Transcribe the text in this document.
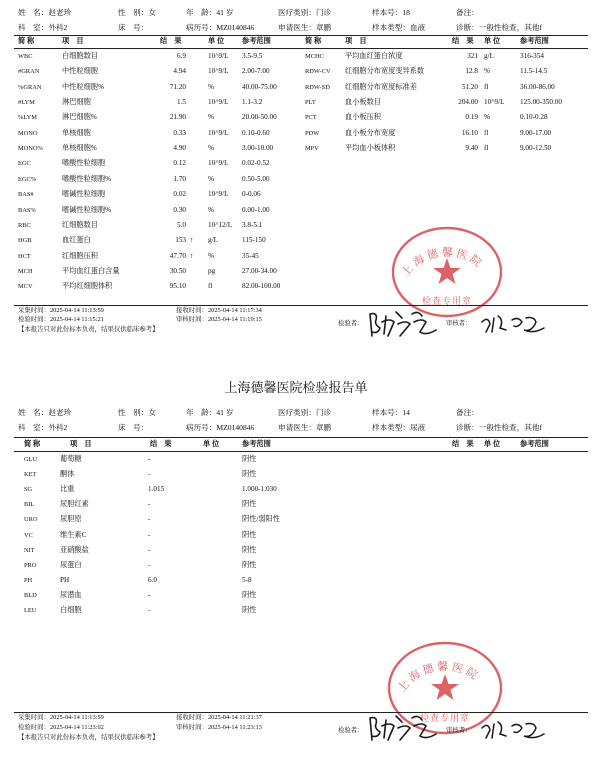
姓　名：赵老珍	性　别：女	年　龄：41 岁	医疗类别：门诊	样本号：18	备注：
科　室：外科2	床　号：	病历号：MZ0140846	申请医生：章鹏	样本类型：血液	诊断：一般性检查，其他f
简 称	项　目	结　果	单 位 参考范围	简 称	项　目	结　果 单 位	参考范围
WBC	白细胞数目	6.9	10^9/L 3.5-9.5
#GRAN	中性粒细胞	4.94	10^9/L 2.00-7.00
%GRAN	中性粒细胞%	71.20	%	40.00-75.00
#LYM	淋巴细胞	1.5	10^9/L 1.1-3.2
%LYM	淋巴细胞%	21.90	%	20.00-50.00
MONO	单核细胞	0.33	10^9/L 0.10-0.60
MONO%	单核细胞%	4.90	%	3.00-10.00
EGC	嗜酸性粒细胞	0.12	10^9/L 0.02-0.52
EGC%	嗜酸性粒细胞%	1.70	%	0.50-5.00
BAS#	嗜碱性粒细胞	0.02	10^9/L 0-0.06
BAS%	嗜碱性粒细胞%	0.30	%	0.00-1.00
RBC	红细胞数目	5.0	10^12/L 3.8-5.1
HGB	血红蛋白	153 ↑ g/L	115-150
HCT	红细胞压积	47.70 ↑ %	35-45
MCH	平均血红蛋白含量	30.50	pg	27.00-34.00
MCV	平均红细胞体积	95.10	fl	82.00-100.00
MCHC	平均血红蛋白浓度	321 g/L	316-354
RDW-CV 红细胞分布宽度变异系数	12.8 %	11.5-14.5
RDW-SD 红细胞分布宽度标准差	51.20 fl	36.00-86.00
PLT	血小板数目	204.00 10^9/L 125.00-350.00
PCT	血小板压积	0.19 %	0.10-0.28
PDW	血小板分布宽度	16.10 fl	9.00-17.00
MPV	平均血小板体积	9.40 fl	9.00-12.50
上海德馨医院
检查专用章
采集时间：2025-04-14 11:13:59	接收时间：2025-04-14 11:17:34
检验时间：2025-04-14 11:15:21	审核时间：2025-04-14 11:19:15
【本报告只对此份标本负责，结果仅供临床参考】
检验者：	审核者：
上海德馨医院检验报告单
姓　名：赵老珍	性　别：女	年　龄：41 岁	医疗类别：门诊	样本号：14	备注：
科　室：外科2	床　号：	病历号：MZ0140846	申请医生：章鹏	样本类型：尿液	诊断：一般性检查，其他f
简 称	项　目	结　果	单 位	参考范围	结　果 单 位	参考范围
GLU	葡萄糖	-	阴性
KET	酮体	-	阴性
SG	比重	1.015	1.000-1.030
BIL	尿胆红素	-	阴性
URO	尿胆原	-	阴性/弱阳性
VC	维生素C	-	阴性
NIT	亚硝酸盐	-	阴性
PRO	尿蛋白	-	阴性
PH	PH	6.0	5-8
BLD	尿潜血	-	阴性
LEU	白细胞	-	阴性
上海德馨医院
检查专用章
采集时间：2025-04-14 11:13:59	接收时间：2025-04-14 11:21:37
检验时间：2025-04-14 11:23:02	审核时间：2025-04-14 11:23:13
【本报告只对此份标本负责，结果仅供临床参考】
检验者：	审核者：
